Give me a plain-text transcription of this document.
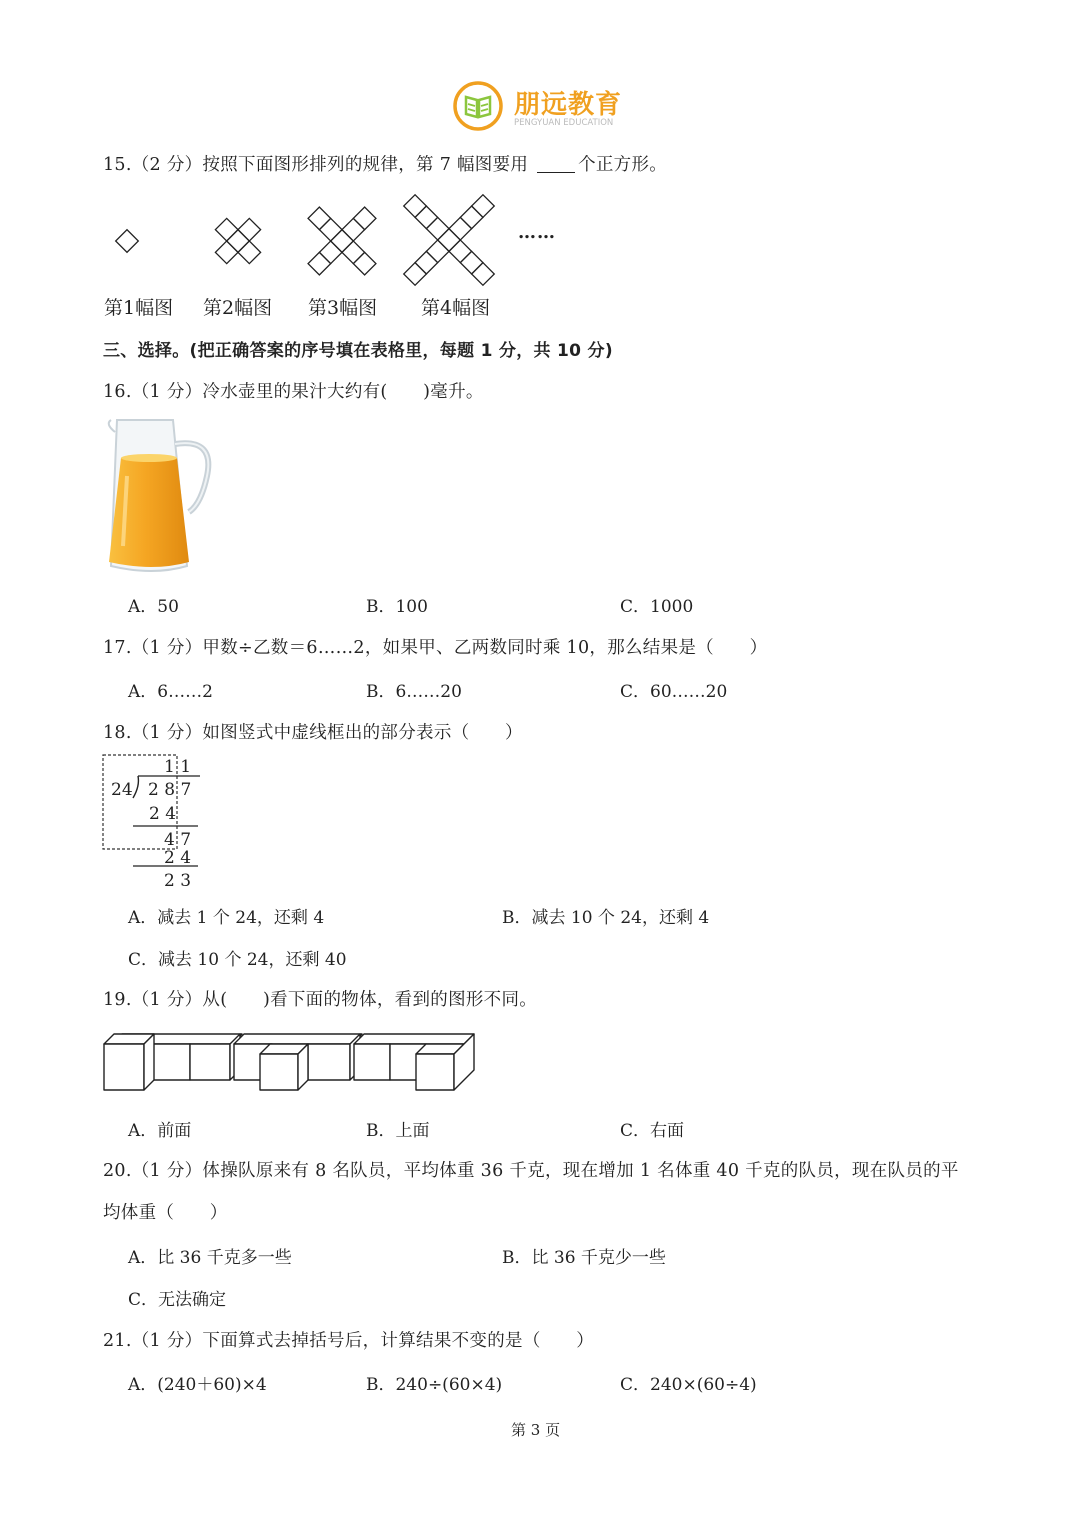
朋远教育
PENGYUAN EDUCATION
15.（2 分）按照下面图形排列的规律，第 7 幅图要用	个正方形。
……
第1幅图 第2幅图 第3幅图 第4幅图
三、选择。(把正确答案的序号填在表格里，每题 1 分，共 10 分)
16.（1 分）冷水壶里的果汁大约有(　　)毫升。
A．50	B．100	C．1000
17.（1 分）甲数÷乙数＝6……2，如果甲、乙两数同时乘 10，那么结果是（　　）
A．6……2	B．6……20	C．60……20
18.（1 分）如图竖式中虚线框出的部分表示（　　）
1 1
24 2 8 7
2 4
4 7
2 4
2 3
A．减去 1 个 24，还剩 4	B．减去 10 个 24，还剩 4
C．减去 10 个 24，还剩 40
19.（1 分）从(　　)看下面的物体，看到的图形不同。
A．前面	B．上面	C．右面
20.（1 分）体操队原来有 8 名队员，平均体重 36 千克，现在增加 1 名体重 40 千克的队员，现在队员的平
均体重（　　）
A．比 36 千克多一些	B．比 36 千克少一些
C．无法确定
21.（1 分）下面算式去掉括号后，计算结果不变的是（　　）
A．(240＋60)×4	B．240÷(60×4)	C．240×(60÷4)
第 3 页
